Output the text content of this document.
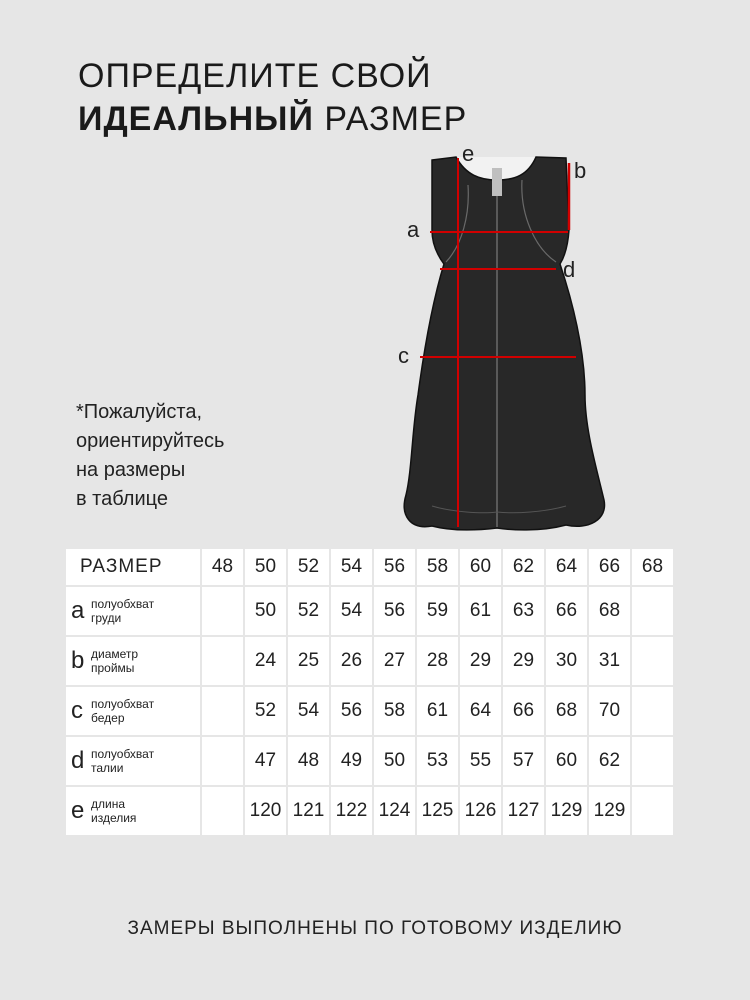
ОПРЕДЕЛИТЕ СВОЙ
ИДЕАЛЬНЫЙ РАЗМЕР
e
b
a
d
c
*Пожалуйста,
ориентируйтесь
на размеры
в таблице
РАЗМЕР	48	50	52	54	56	58	60	62	64	66	68
a полуобхват
груди		50	52	54	56	59	61	63	66	68	
b диаметр
проймы		24	25	26	27	28	29	29	30	31	
c полуобхват
бедер		52	54	56	58	61	64	66	68	70	
d полуобхват
талии		47	48	49	50	53	55	57	60	62	
e длина
изделия		120	121	122	124	125	126	127	129	129	
ЗАМЕРЫ ВЫПОЛНЕНЫ ПО ГОТОВОМУ ИЗДЕЛИЮ
